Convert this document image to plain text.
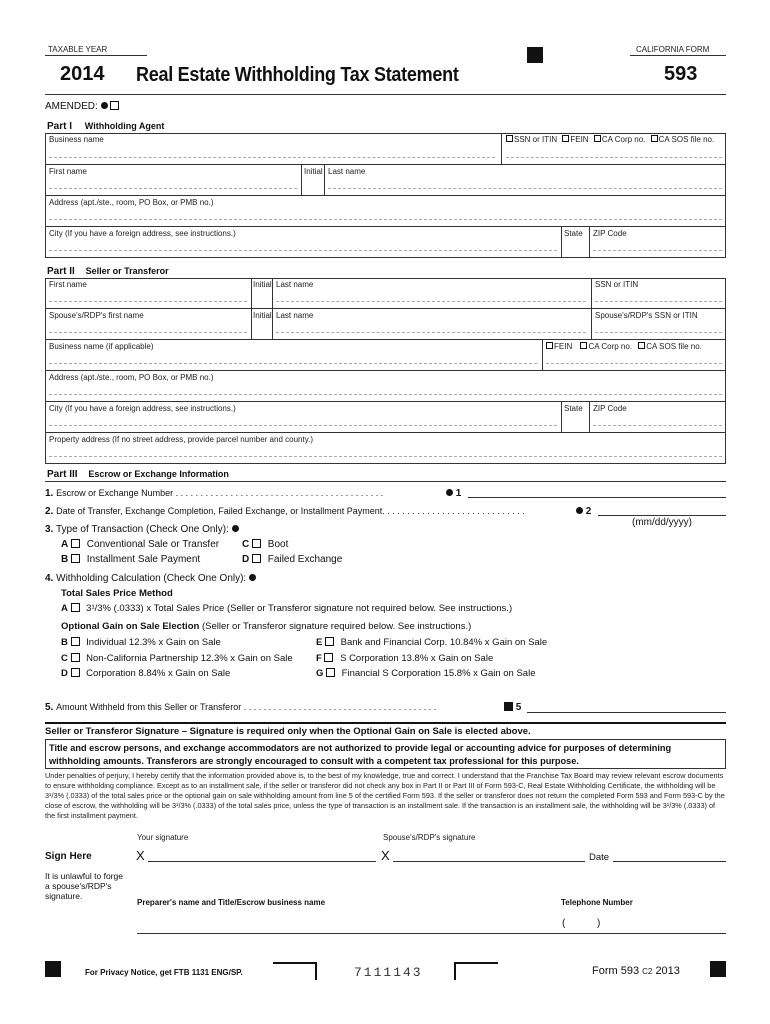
TAXABLE YEAR	CALIFORNIA FORM
2014 Real Estate Withholding Tax Statement	593
AMENDED:
Part I Withholding Agent
Business name	SSN or ITIN FEIN CA Corp no. CA SOS file no.
First name	Initial Last name
Address (apt./ste., room, PO Box, or PMB no.)
City (If you have a foreign address, see instructions.)	State ZIP Code
Part II Seller or Transferor
First name	Initial Last name	SSN or ITIN
Spouse's/RDP's first name	Initial Last name	Spouse's/RDP's SSN or ITIN
Business name (if applicable)	FEIN CA Corp no. CA SOS file no.
Address (apt./ste., room, PO Box, or PMB no.)
City (If you have a foreign address, see instructions.)	State ZIP Code
Property address (If no street address, provide parcel number and county.)
Part III Escrow or Exchange Information
1. Escrow or Exchange Number . . . . . . . . . . . . . . . . . . . . . . . . . . . . . . . . . . . . . . . . . .	1
2. Date of Transfer, Exchange Completion, Failed Exchange, or Installment Payment. . . . . . . . . . . . . . . . . . . . . . . . . . . . .	2
(mm/dd/yyyy)
3. Type of Transaction (Check One Only):
A Conventional Sale or Transfer
B Installment Sale Payment
C Boot
D Failed Exchange
4. Withholding Calculation (Check One Only):
Total Sales Price Method
A 3¹/3% (.0333) x Total Sales Price (Seller or Transferor signature not required below. See instructions.)
Optional Gain on Sale Election (Seller or Transferor signature required below. See instructions.)
B Individual 12.3% x Gain on Sale
C Non-California Partnership 12.3% x Gain on Sale
D Corporation 8.84% x Gain on Sale
E Bank and Financial Corp. 10.84% x Gain on Sale
F S Corporation 13.8% x Gain on Sale
G Financial S Corporation 15.8% x Gain on Sale
5. Amount Withheld from this Seller or Transferor . . . . . . . . . . . . . . . . . . . . . . . . . . . . . . . . . . . . . . .	5
Seller or Transferor Signature – Signature is required only when the Optional Gain on Sale is elected above.
Title and escrow persons, and exchange accommodators are not authorized to provide legal or accounting advice for purposes of determining withholding amounts. Transferors are strongly encouraged to consult with a competent tax professional for this purpose.
Under penalties of perjury, I hereby certify that the information provided above is, to the best of my knowledge, true and correct. I understand that the Franchise Tax Board may review relevant escrow documents to ensure withholding compliance. Except as to an installment sale, if the seller or transferor did not check any box in Part II or Part III of Form 593-C, Real Estate Withholding Certificate, the withholding will be 3¹/3% (.0333) of the total sales price or the optional gain on sale withholding amount from line 5 of the certified Form 593. If the seller or transferor does not return the completed Form 593 and Form 593-C by the close of escrow, the withholding will be 3¹/3% (.0333) of the total sales price, unless the type of transaction is an installment sale. If the transaction is an installment sale, the withholding will be 3¹/3% (.0333) of the first installment payment.
Your signature	Spouse's/RDP's signature
Sign Here	X	X	Date
It is unlawful to forge a spouse's/RDP's signature.
Preparer's name and Title/Escrow business name	Telephone Number
(	)
For Privacy Notice, get FTB 1131 ENG/SP.	7111143	Form 593 C2 2013
